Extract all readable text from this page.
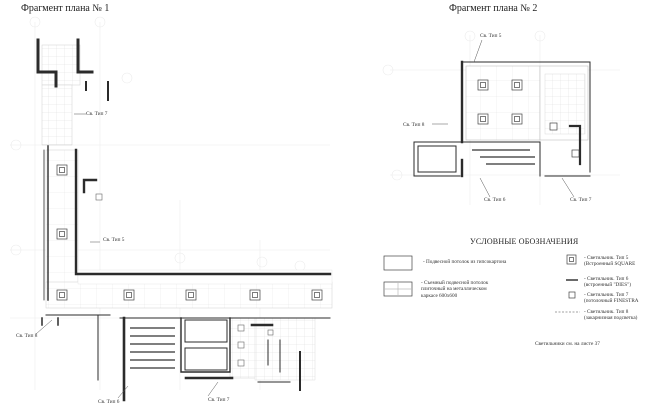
Фрагмент плана № 1	Фрагмент плана № 2
Св. Тип 7
Св. Тип 5
Св. Тип 8
Св. Тип 6	Св. Тип 7
Св. Тип 5
Св. Тип 8
Св. Тип 6	Св. Тип 7
УСЛОВНЫЕ ОБОЗНАЧЕНИЯ
- Подвесной потолок из гипсокартона
- Съемный подвесной потолок
плиточный на металлическом
каркасе 600х600
- Светильник. Тип 5
(Встроенный SQUARE
- Светильник. Тип 6
(встроенный "DIES")
- Светильник. Тип 7
(потолочный FINESTRA
- Светильник. Тип 8
(закарнизная подсветка)
Светильники см. на листе 37
